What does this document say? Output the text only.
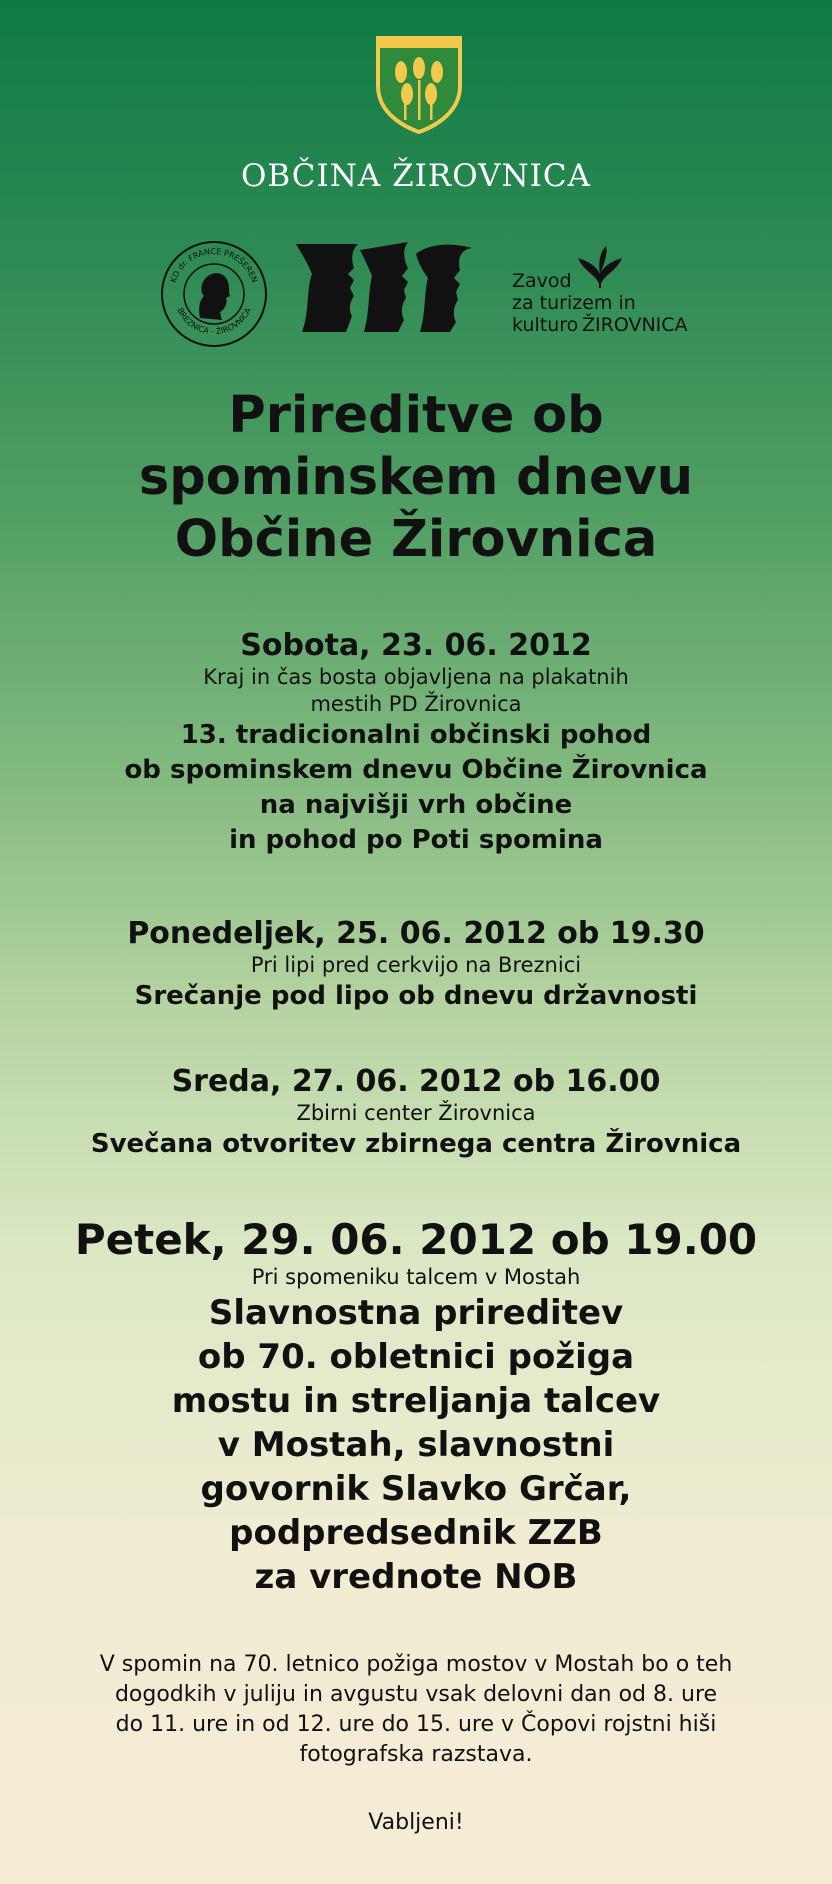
OBČINA ŽIROVNICA
KD dr. FRANCE PREŠEREN
BREZNICA - ŽIROVNICA
Zavod
za turizem in kulturo ŽIROVNICA
Prireditve ob
spominskem dnevu
Občine Žirovnica
Sobota, 23. 06. 2012
Kraj in čas bosta objavljena na plakatnih
mestih PD Žirovnica
13. tradicionalni občinski pohod
ob spominskem dnevu Občine Žirovnica
na najvišji vrh občine
in pohod po Poti spomina
Ponedeljek, 25. 06. 2012 ob 19.30
Pri lipi pred cerkvijo na Breznici
Srečanje pod lipo ob dnevu državnosti
Sreda, 27. 06. 2012 ob 16.00
Zbirni center Žirovnica
Svečana otvoritev zbirnega centra Žirovnica
Petek, 29. 06. 2012 ob 19.00
Pri spomeniku talcem v Mostah
Slavnostna prireditev
ob 70. obletnici požiga
mostu in streljanja talcev
v Mostah, slavnostni
govornik Slavko Grčar,
podpredsednik ZZB
za vrednote NOB
V spomin na 70. letnico požiga mostov v Mostah bo o teh
dogodkih v juliju in avgustu vsak delovni dan od 8. ure
do 11. ure in od 12. ure do 15. ure v Čopovi rojstni hiši
fotografska razstava.
Vabljeni!
